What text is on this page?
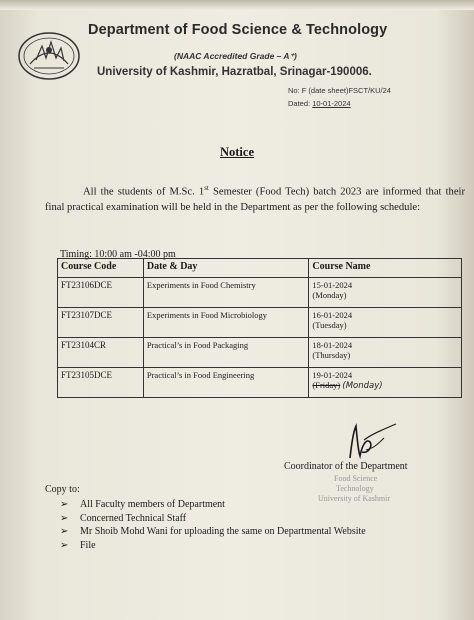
Department of Food Science & Technology
(NAAC Accredited Grade – A⁺)
University of Kashmir, Hazratbal, Srinagar-190006.
No: F (date sheet)FSCT/KU/24
Dated: 10-01-2024
Notice
All the students of M.Sc. 1st Semester (Food Tech) batch 2023 are informed that their final practical examination will be held in the Department as per the following schedule:
Timing: 10:00 am -04:00 pm
Course Code	Date & Day	Course Name
FT23106DCE	Experiments in Food Chemistry	15-01-2024
(Monday)

FT23107DCE	Experiments in Food Microbiology	16-01-2024
(Tuesday)

FT23104CR	Practical’s in Food Packaging	18-01-2024
(Thursday)

FT23105DCE	Practical’s in Food Engineering	19-01-2024
(Friday) (Monday)
Coordinator of the Department
Food Science
Technology
University of Kashmir
Copy to:
➢ All Faculty members of Department
➢ Concerned Technical Staff
➢ Mr Shoib Mohd Wani for uploading the same on Departmental Website
➢ File
